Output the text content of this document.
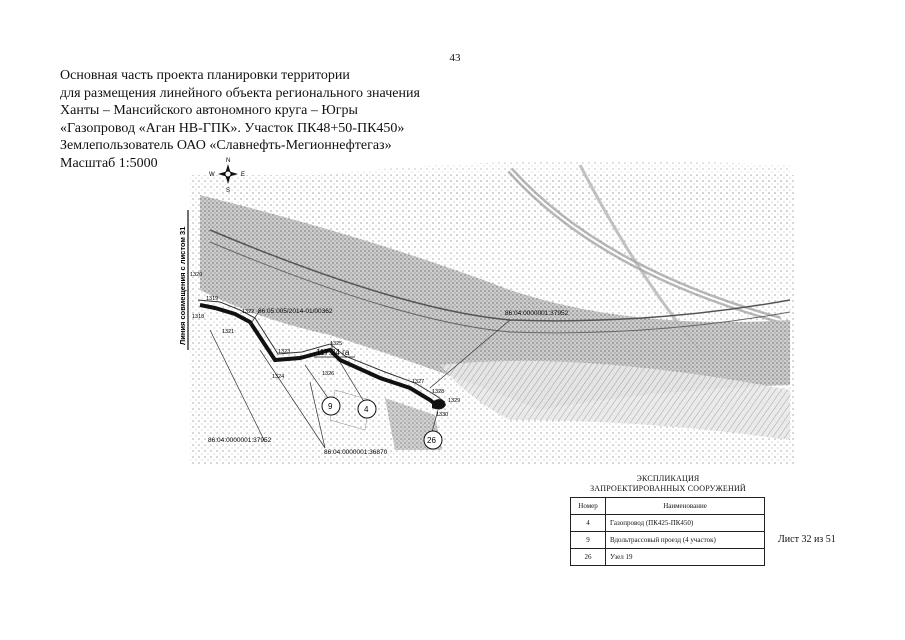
43
Основная часть проекта планировки территории
для размещения линейного объекта регионального значения
Ханты – Мансийского автономного круга – Югры
«Газопровод «Аган НВ-ГПК». Участок ПК48+50-ПК450»
Землепользователь ОАО «Славнефть-Мегионнефтегаз»
Масштаб 1:5000	N
S
W	E
Линия совмещения с листом 31	86:05:005/2014-01/00362	86:04:0000001:37952
86:04:0000001:37952
86:04:0000001:36870
117.24 га
1320
1319
1318
1321
1322
1323
1324
1325
1326
1327
1328
1329
1330
9	4
26
ЭКСПЛИКАЦИЯ
ЗАПРОЕКТИРОВАННЫХ СООРУЖЕНИЙ
Номер	Наименование
4	Газопровод (ПК425-ПК450)
9	Вдольтрассовый проезд (4 участок)
26	Узел 19
Лист 32 из 51
